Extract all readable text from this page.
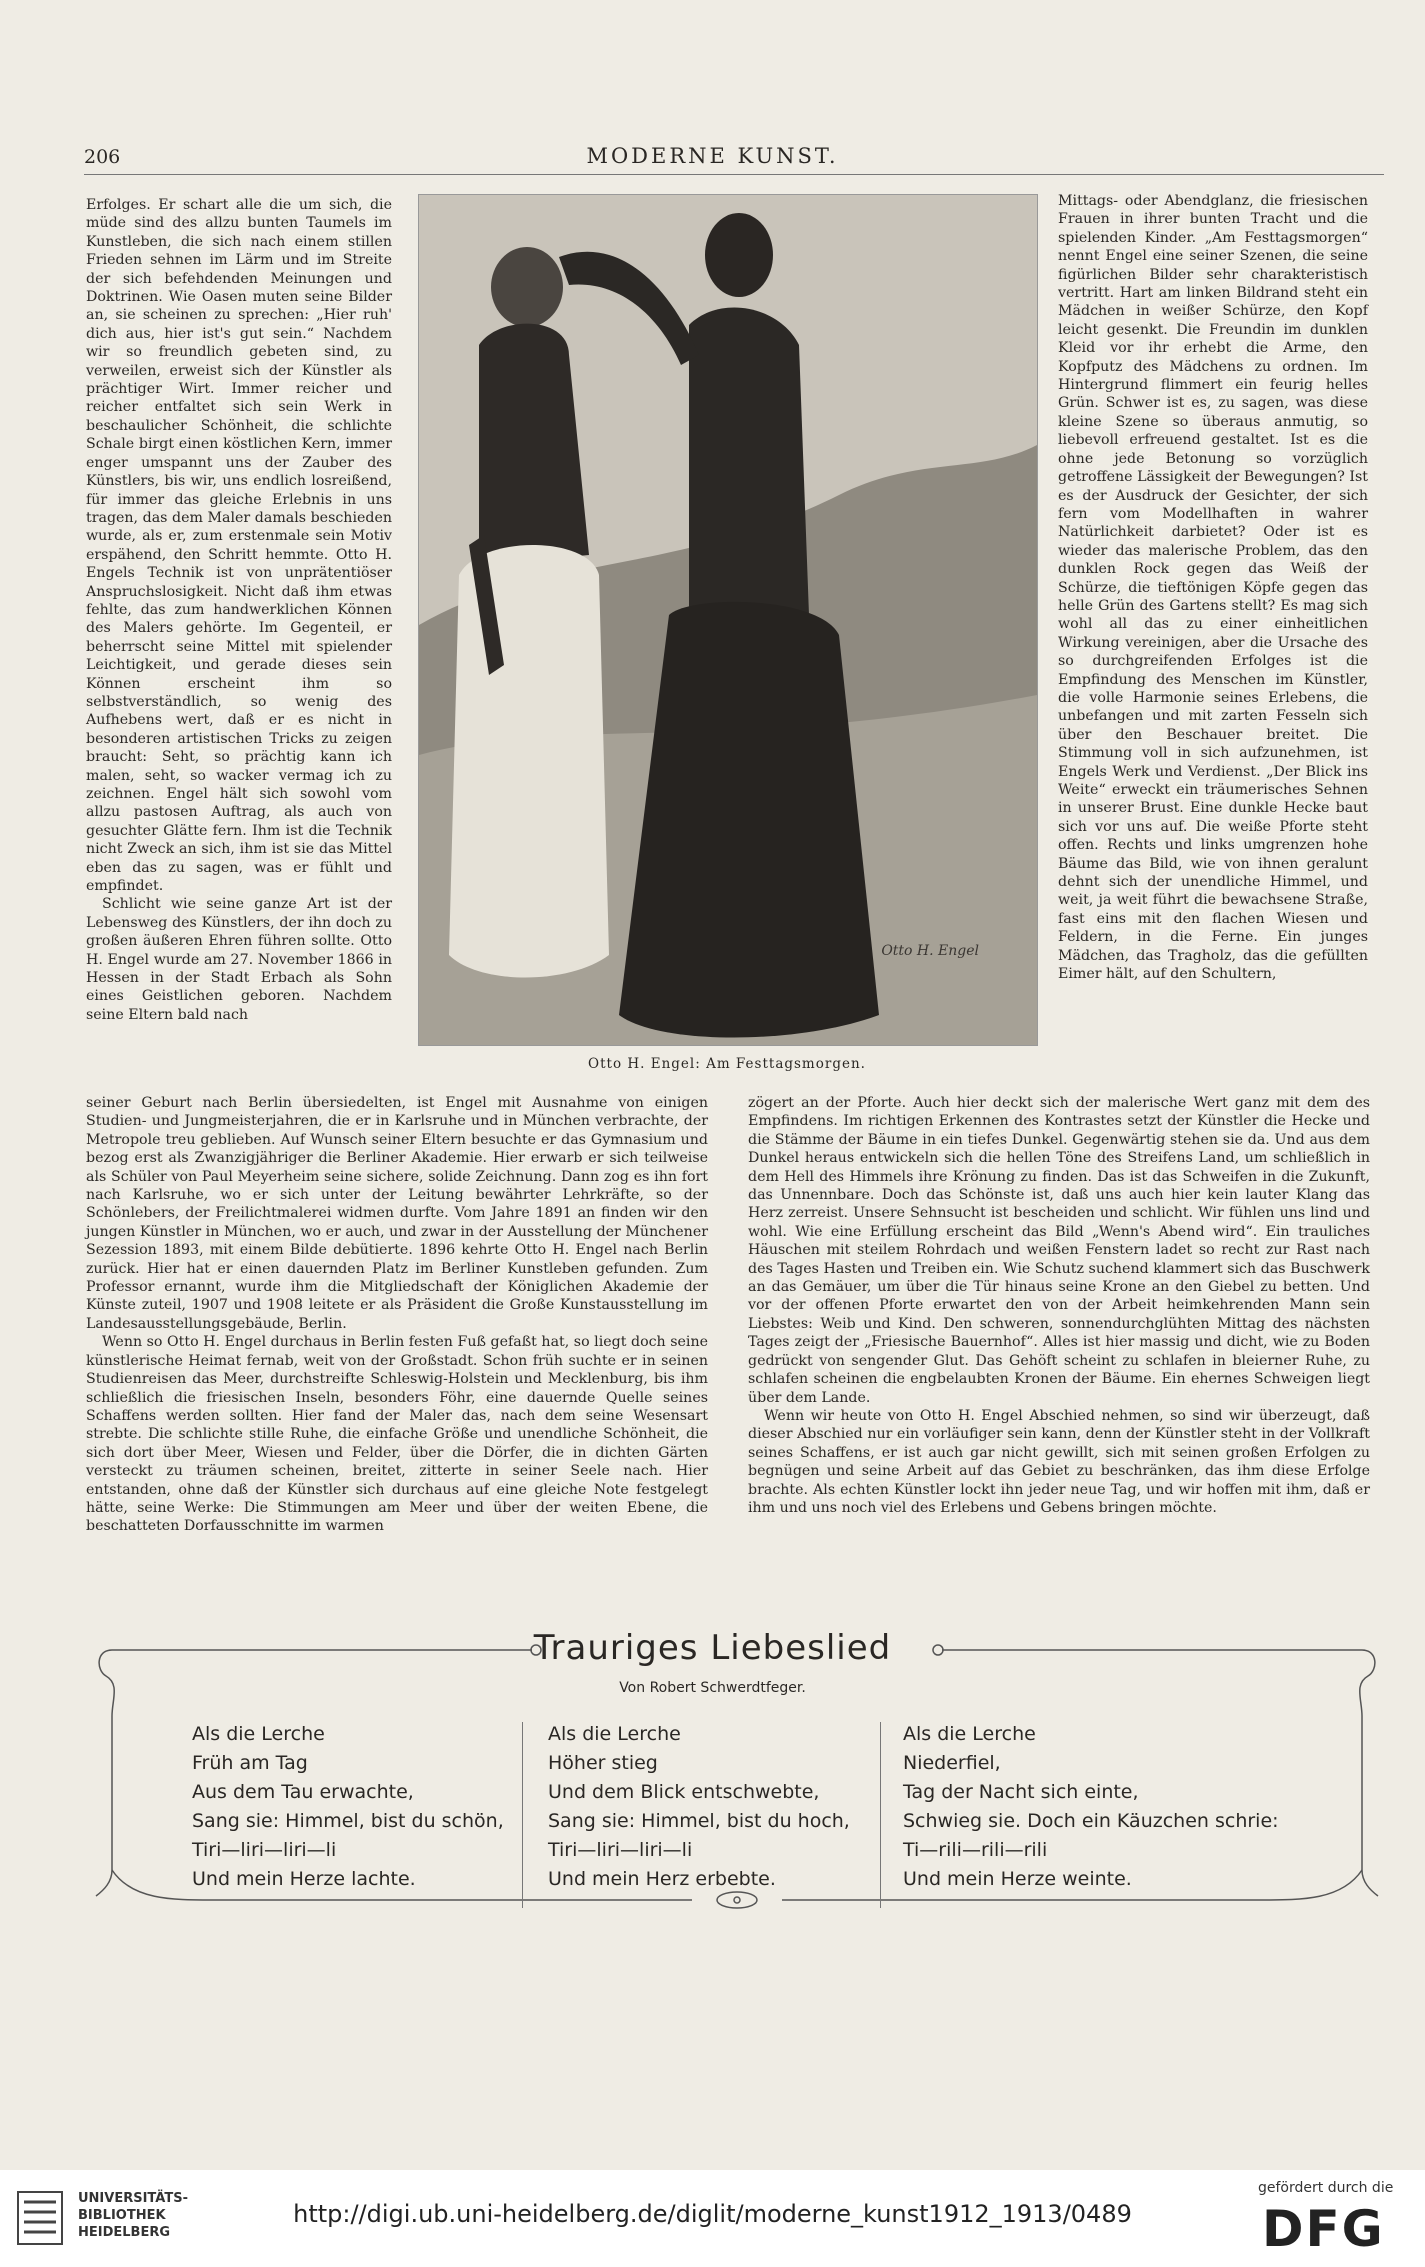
206	MODERNE KUNST.

Erfolges. Er schart alle die um sich, die müde sind des allzu bunten Taumels im Kunstleben, die sich nach einem stillen Frieden sehnen im Lärm und im Streite der sich befehdenden Meinungen und Doktrinen. Wie Oasen muten seine Bilder an, sie scheinen zu sprechen: „Hier ruh' dich aus, hier ist's gut sein.“ Nachdem wir so freundlich gebeten sind, zu verweilen, erweist sich der Künstler als prächtiger Wirt. Immer reicher und reicher entfaltet sich sein Werk in beschaulicher Schönheit, die schlichte Schale birgt einen köstlichen Kern, immer enger umspannt uns der Zauber des Künstlers, bis wir, uns endlich losreißend, für immer das gleiche Erlebnis in uns tragen, das dem Maler damals beschieden wurde, als er, zum erstenmale sein Motiv erspähend, den Schritt hemmte. Otto H. Engels Technik ist von unprätentiöser Anspruchslosigkeit. Nicht daß ihm etwas fehlte, das zum handwerklichen Können des Malers gehörte. Im Gegenteil, er beherrscht seine Mittel mit spielender Leichtigkeit, und gerade dieses sein Können erscheint ihm so selbstverständlich, so wenig des Aufhebens wert, daß er es nicht in besonderen artistischen Tricks zu zeigen braucht: Seht, so prächtig kann ich malen, seht, so wacker vermag ich zu zeichnen. Engel hält sich sowohl vom allzu pastosen Auftrag, als auch von gesuchter Glätte fern. Ihm ist die Technik nicht Zweck an sich, ihm ist sie das Mittel eben das zu sagen, was er fühlt und empfindet.

Schlicht wie seine ganze Art ist der Lebensweg des Künstlers, der ihn doch zu großen äußeren Ehren führen sollte. Otto H. Engel wurde am 27. November 1866 in Hessen in der Stadt Erbach als Sohn eines Geistlichen geboren. Nachdem seine Eltern bald nach

Otto H. Engel
Otto H. Engel: Am Festtagsmorgen.

Mittags- oder Abendglanz, die friesischen Frauen in ihrer bunten Tracht und die spielenden Kinder. „Am Festtagsmorgen“ nennt Engel eine seiner Szenen, die seine figürlichen Bilder sehr charakteristisch vertritt. Hart am linken Bildrand steht ein Mädchen in weißer Schürze, den Kopf leicht gesenkt. Die Freundin im dunklen Kleid vor ihr erhebt die Arme, den Kopfputz des Mädchens zu ordnen. Im Hintergrund flimmert ein feurig helles Grün. Schwer ist es, zu sagen, was diese kleine Szene so überaus anmutig, so liebevoll erfreuend gestaltet. Ist es die ohne jede Betonung so vorzüglich getroffene Lässigkeit der Bewegungen? Ist es der Ausdruck der Gesichter, der sich fern vom Modellhaften in wahrer Natürlichkeit darbietet? Oder ist es wieder das malerische Problem, das den dunklen Rock gegen das Weiß der Schürze, die tieftönigen Köpfe gegen das helle Grün des Gartens stellt? Es mag sich wohl all das zu einer einheitlichen Wirkung vereinigen, aber die Ursache des so durchgreifenden Erfolges ist die Empfindung des Menschen im Künstler, die volle Harmonie seines Erlebens, die unbefangen und mit zarten Fesseln sich über den Beschauer breitet. Die Stimmung voll in sich aufzunehmen, ist Engels Werk und Verdienst. „Der Blick ins Weite“ erweckt ein träumerisches Sehnen in unserer Brust. Eine dunkle Hecke baut sich vor uns auf. Die weiße Pforte steht offen. Rechts und links umgrenzen hohe Bäume das Bild, wie von ihnen geralunt dehnt sich der unendliche Himmel, und weit, ja weit führt die bewachsene Straße, fast eins mit den flachen Wiesen und Feldern, in die Ferne. Ein junges Mädchen, das Tragholz, das die gefüllten Eimer hält, auf den Schultern,

seiner Geburt nach Berlin übersiedelten, ist Engel mit Ausnahme von einigen Studien- und Jungmeisterjahren, die er in Karlsruhe und in München verbrachte, der Metropole treu geblieben. Auf Wunsch seiner Eltern besuchte er das Gymnasium und bezog erst als Zwanzigjähriger die Berliner Akademie. Hier erwarb er sich teilweise als Schüler von Paul Meyerheim seine sichere, solide Zeichnung. Dann zog es ihn fort nach Karlsruhe, wo er sich unter der Leitung bewährter Lehrkräfte, so der Schönlebers, der Freilichtmalerei widmen durfte. Vom Jahre 1891 an finden wir den jungen Künstler in München, wo er auch, und zwar in der Ausstellung der Münchener Sezession 1893, mit einem Bilde debütierte. 1896 kehrte Otto H. Engel nach Berlin zurück. Hier hat er einen dauernden Platz im Berliner Kunstleben gefunden. Zum Professor ernannt, wurde ihm die Mitgliedschaft der Königlichen Akademie der Künste zuteil, 1907 und 1908 leitete er als Präsident die Große Kunstausstellung im Landesausstellungsgebäude, Berlin.

Wenn so Otto H. Engel durchaus in Berlin festen Fuß gefaßt hat, so liegt doch seine künstlerische Heimat fernab, weit von der Großstadt. Schon früh suchte er in seinen Studienreisen das Meer, durchstreifte Schleswig-Holstein und Mecklenburg, bis ihm schließlich die friesischen Inseln, besonders Föhr, eine dauernde Quelle seines Schaffens werden sollten. Hier fand der Maler das, nach dem seine Wesensart strebte. Die schlichte stille Ruhe, die einfache Größe und unendliche Schönheit, die sich dort über Meer, Wiesen und Felder, über die Dörfer, die in dichten Gärten versteckt zu träumen scheinen, breitet, zitterte in seiner Seele nach. Hier entstanden, ohne daß der Künstler sich durchaus auf eine gleiche Note festgelegt hätte, seine Werke: Die Stimmungen am Meer und über der weiten Ebene, die beschatteten Dorfausschnitte im warmen

zögert an der Pforte. Auch hier deckt sich der malerische Wert ganz mit dem des Empfindens. Im richtigen Erkennen des Kontrastes setzt der Künstler die Hecke und die Stämme der Bäume in ein tiefes Dunkel. Gegenwärtig stehen sie da. Und aus dem Dunkel heraus entwickeln sich die hellen Töne des Streifens Land, um schließlich in dem Hell des Himmels ihre Krönung zu finden. Das ist das Schweifen in die Zukunft, das Unnennbare. Doch das Schönste ist, daß uns auch hier kein lauter Klang das Herz zerreist. Unsere Sehnsucht ist bescheiden und schlicht. Wir fühlen uns lind und wohl. Wie eine Erfüllung erscheint das Bild „Wenn's Abend wird“. Ein trauliches Häuschen mit steilem Rohrdach und weißen Fenstern ladet so recht zur Rast nach des Tages Hasten und Treiben ein. Wie Schutz suchend klammert sich das Buschwerk an das Gemäuer, um über die Tür hinaus seine Krone an den Giebel zu betten. Und vor der offenen Pforte erwartet den von der Arbeit heimkehrenden Mann sein Liebstes: Weib und Kind. Den schweren, sonnendurchglühten Mittag des nächsten Tages zeigt der „Friesische Bauernhof“. Alles ist hier massig und dicht, wie zu Boden gedrückt von sengender Glut. Das Gehöft scheint zu schlafen in bleierner Ruhe, zu schlafen scheinen die engbelaubten Kronen der Bäume. Ein ehernes Schweigen liegt über dem Lande.

Wenn wir heute von Otto H. Engel Abschied nehmen, so sind wir überzeugt, daß dieser Abschied nur ein vorläufiger sein kann, denn der Künstler steht in der Vollkraft seines Schaffens, er ist auch gar nicht gewillt, sich mit seinen großen Erfolgen zu begnügen und seine Arbeit auf das Gebiet zu beschränken, das ihm diese Erfolge brachte. Als echten Künstler lockt ihn jeder neue Tag, und wir hoffen mit ihm, daß er ihm und uns noch viel des Erlebens und Gebens bringen möchte.

Trauriges Liebeslied
Von Robert Schwerdtfeger.
Als die Lerche
Früh am Tag
Aus dem Tau erwachte,
Sang sie: Himmel, bist du schön,
Tiri—liri—liri—li
Und mein Herze lachte.
Als die Lerche
Höher stieg
Und dem Blick entschwebte,
Sang sie: Himmel, bist du hoch,
Tiri—liri—liri—li
Und mein Herz erbebte.
Als die Lerche
Niederfiel,
Tag der Nacht sich einte,
Schwieg sie. Doch ein Käuzchen schrie:
Ti—rili—rili—rili
Und mein Herze weinte.
UNIVERSITÄTS-
BIBLIOTHEK
HEIDELBERG
http://digi.ub.uni-heidelberg.de/diglit/moderne_kunst1912_1913/0489
gefördert durch die
DFG
